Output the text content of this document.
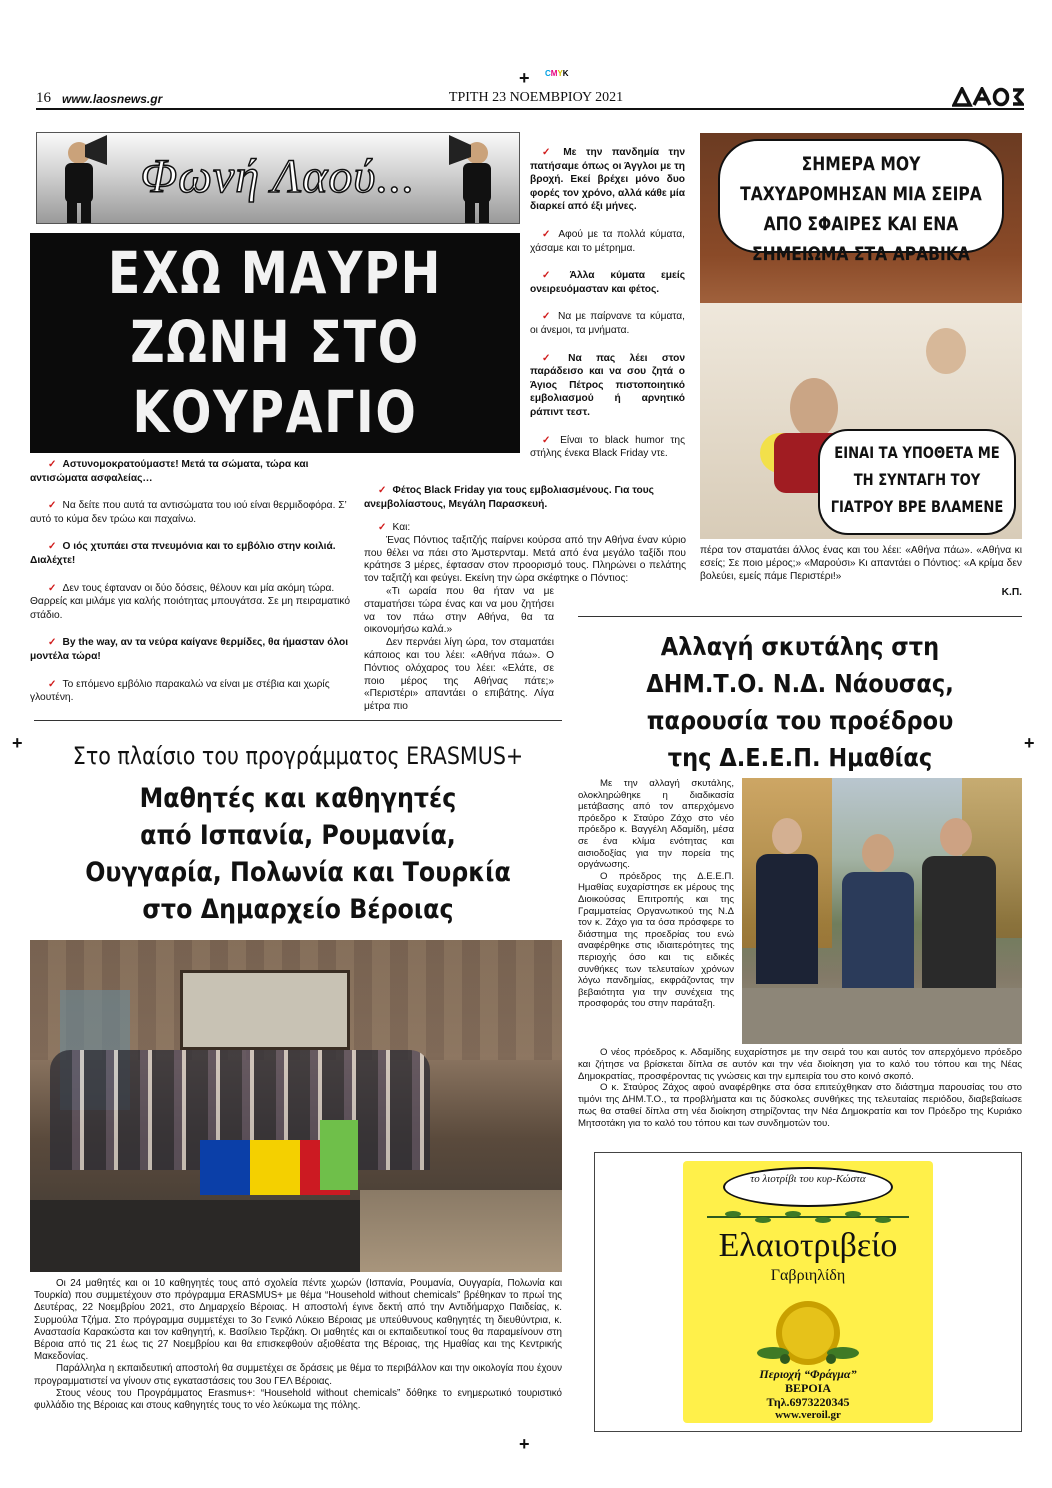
+ CMYK
+	+
+
16 www.laosnews.gr	ΤΡΙΤΗ 23 ΝΟΕΜΒΡΙΟΥ 2021
Φωνή Λαού...
ΕΧΩ ΜΑΥΡΗ
ΖΩΝΗ ΣΤΟ
ΚΟΥΡΑΓΙΟ
✓ Αστυνομοκρατούμαστε! Μετά τα σώματα, τώρα και αντισώματα ασφαλείας…
✓ Να δείτε που αυτά τα αντισώματα του ιού είναι θερμιδοφόρα. Σ’ αυτό το κύμα δεν τρώω και παχαίνω.
✓ Ο ιός χτυπάει στα πνευμόνια και το εμβόλιο στην κοιλιά. Διαλέχτε!
✓ Δεν τους έφταναν οι δύο δόσεις, θέλουν και μία ακόμη τώρα. Θαρρείς και μιλάμε για καλής ποιότητας μπουγάτσα. Σε μη πειραματικό στάδιο.
✓ By the way, αν τα νεύρα καίγανε θερμίδες, θα ήμασταν όλοι μοντέλα τώρα!
✓ Το επόμενο εμβόλιο παρακαλώ να είναι με στέβια και χωρίς γλουτένη.
✓ Με την πανδημία την πατήσαμε όπως οι Άγγλοι με τη βροχή. Εκεί βρέχει μόνο δυο φορές τον χρόνο, αλλά κάθε μία διαρκεί από έξι μήνες.
✓ Αφού με τα πολλά κύματα, χάσαμε και το μέτρημα.
✓ Άλλα κύματα εμείς ονειρευόμασταν και φέτος.
✓ Να με παίρνανε τα κύματα, οι άνεμοι, τα μνήματα.
✓ Να πας λέει στον παράδεισο και να σου ζητά ο Άγιος Πέτρος πιστοποιητικό εμβολιασμού ή αρνητικό ράπιντ τεστ.
✓ Είναι το black humor της στήλης ένεκα Black Friday ντε.
✓ Φέτος Black Friday για τους εμβολιασμένους. Για τους ανεμβολίαστους, Μεγάλη Παρασκευή.
✓ Και:

Ένας Πόντιος ταξιτζής παίρνει κούρσα από την Αθήνα έναν κύριο που θέλει να πάει στο Άμστερνταμ. Μετά από ένα μεγάλο ταξίδι που κράτησε 3 μέρες, έφτασαν στον προορισμό τους. Πληρώνει ο πελάτης τον ταξιτζή και φεύγει. Εκείνη την ώρα σκέφτηκε ο Πόντιος:

«Τι ωραία που θα ήταν να με σταματήσει τώρα ένας και να μου ζητήσει να τον πάω στην Αθήνα, θα τα οικονομήσω καλά.»

Δεν περνάει λίγη ώρα, τον σταματάει κάποιος και του λέει: «Αθήνα πάω». Ο Πόντιος ολόχαρος του λέει: «Ελάτε, σε ποιο μέρος της Αθήνας πάτε;» «Περιστέρι» απαντάει ο επιβάτης. Λίγα μέτρα πιο

ΣΗΜΕΡΑ ΜΟΥ ΤΑΧΥΔΡΟΜΗΣΑΝ ΜΙΑ ΣΕΙΡΑ ΑΠΟ ΣΦΑΙΡΕΣ ΚΑΙ ΕΝΑ ΣΗΜΕΙΩΜΑ ΣΤΑ ΑΡΑΒΙΚΑ
ΕΙΝΑΙ ΤΑ ΥΠΟΘΕΤΑ ΜΕ ΤΗ ΣΥΝΤΑΓΗ ΤΟΥ ΓΙΑΤΡΟΥ ΒΡΕ ΒΛΑΜΕΝΕ

πέρα τον σταματάει άλλος ένας και του λέει: «Αθήνα πάω». «Αθήνα κι εσείς; Σε ποιο μέρος;» «Μαρούσι» Κι απαντάει ο Πόντιος: «Α κρίμα δεν βολεύει, εμείς πάμε Περιστέρι!»

Κ.Π.
Αλλαγή σκυτάλης στη
ΔΗΜ.Τ.Ο. Ν.Δ. Νάουσας,
παρουσία του προέδρου
της Δ.Ε.Ε.Π. Ημαθίας

Με την αλλαγή σκυτάλης, ολοκληρώθηκε η διαδικασία μετάβασης από τον απερχόμενο πρόεδρο κ Σταύρο Ζάχο στο νέο πρόεδρο κ. Βαγγέλη Αδαμίδη, μέσα σε ένα κλίμα ενότητας και αισιοδοξίας για την πορεία της οργάνωσης.

Ο πρόεδρος της Δ.Ε.Ε.Π. Ημαθίας ευχαρίστησε εκ μέρους της Διοικούσας Επιτροπής και της Γραμματείας Οργανωτικού της Ν.Δ τον κ. Ζάχο για τα όσα πρόσφερε το διάστημα της προεδρίας του ενώ αναφέρθηκε στις ιδιαιτερότητες της περιοχής όσο και τις ειδικές συνθήκες των τελευταίων χρόνων λόγω πανδημίας, εκφράζοντας την βεβαιότητα για την συνέχεια της προσφοράς του στην παράταξη.

Ο νέος πρόεδρος κ. Αδαμίδης ευχαρίστησε με την σειρά του και αυτός τον απερχόμενο πρόεδρο και ζήτησε να βρίσκεται δίπλα σε αυτόν και την νέα διοίκηση για το καλό του τόπου και της Νέας Δημοκρατίας, προσφέροντας τις γνώσεις και την εμπειρία του στο κοινό σκοπό.

Ο κ. Σταύρος Ζάχος αφού αναφέρθηκε στα όσα επιτεύχθηκαν στο διάστημα παρουσίας του στο τιμόνι της ΔΗΜ.Τ.Ο., τα προβλήματα και τις δύσκολες συνθήκες της τελευταίας περιόδου, διαβεβαίωσε πως θα σταθεί δίπλα στη νέα διοίκηση στηρίζοντας την Νέα Δημοκρατία και τον Πρόεδρο της Κυριάκο Μητσοτάκη για το καλό του τόπου και των συνδημοτών του.

Στο πλαίσιο του προγράμματος ERASMUS+
Μαθητές και καθηγητές
από Ισπανία, Ρουμανία,
Ουγγαρία, Πολωνία και Τουρκία
στο Δημαρχείο Βέροιας

Οι 24 μαθητές και οι 10 καθηγητές τους από σχολεία πέντε χωρών (Ισπανία, Ρουμανία, Ουγγαρία, Πολωνία και Τουρκία) που συμμετέχουν στο πρόγραμμα ERASMUS+ με θέμα “Household without chemicals” βρέθηκαν το πρωί της Δευτέρας, 22 Νοεμβρίου 2021, στο Δημαρχείο Βέροιας. Η αποστολή έγινε δεκτή από την Αντιδήμαρχο Παιδείας, κ. Συρμούλα Τζήμα. Στο πρόγραμμα συμμετέχει το 3ο Γενικό Λύκειο Βέροιας με υπεύθυνους καθηγητές τη διευθύντρια, κ. Αναστασία Καρακώστα και τον καθηγητή, κ. Βασίλειο Τερζάκη. Οι μαθητές και οι εκπαιδευτικοί τους θα παραμείνουν στη Βέροια από τις 21 έως τις 27 Νοεμβρίου και θα επισκεφθούν αξιοθέατα της Βέροιας, της Ημαθίας και της Κεντρικής Μακεδονίας.

Παράλληλα η εκπαιδευτική αποστολή θα συμμετέχει σε δράσεις με θέμα το περιβάλλον και την οικολογία που έχουν προγραμματιστεί να γίνουν στις εγκαταστάσεις του 3ου ΓΕΛ Βέροιας.

Στους νέους του Προγράμματος Erasmus+: “Household without chemicals” δόθηκε το ενημερωτικό τουριστικό φυλλάδιο της Βέροιας και στους καθηγητές τους το νέο λεύκωμα της πόλης.

το λιοτρίβι του κυρ-Κώστα
Ελαιοτριβείο
Γαβριηλίδη
Περιοχή “Φράγμα”
ΒΕΡΟΙΑ
Τηλ.6973220345
www.veroil.gr
